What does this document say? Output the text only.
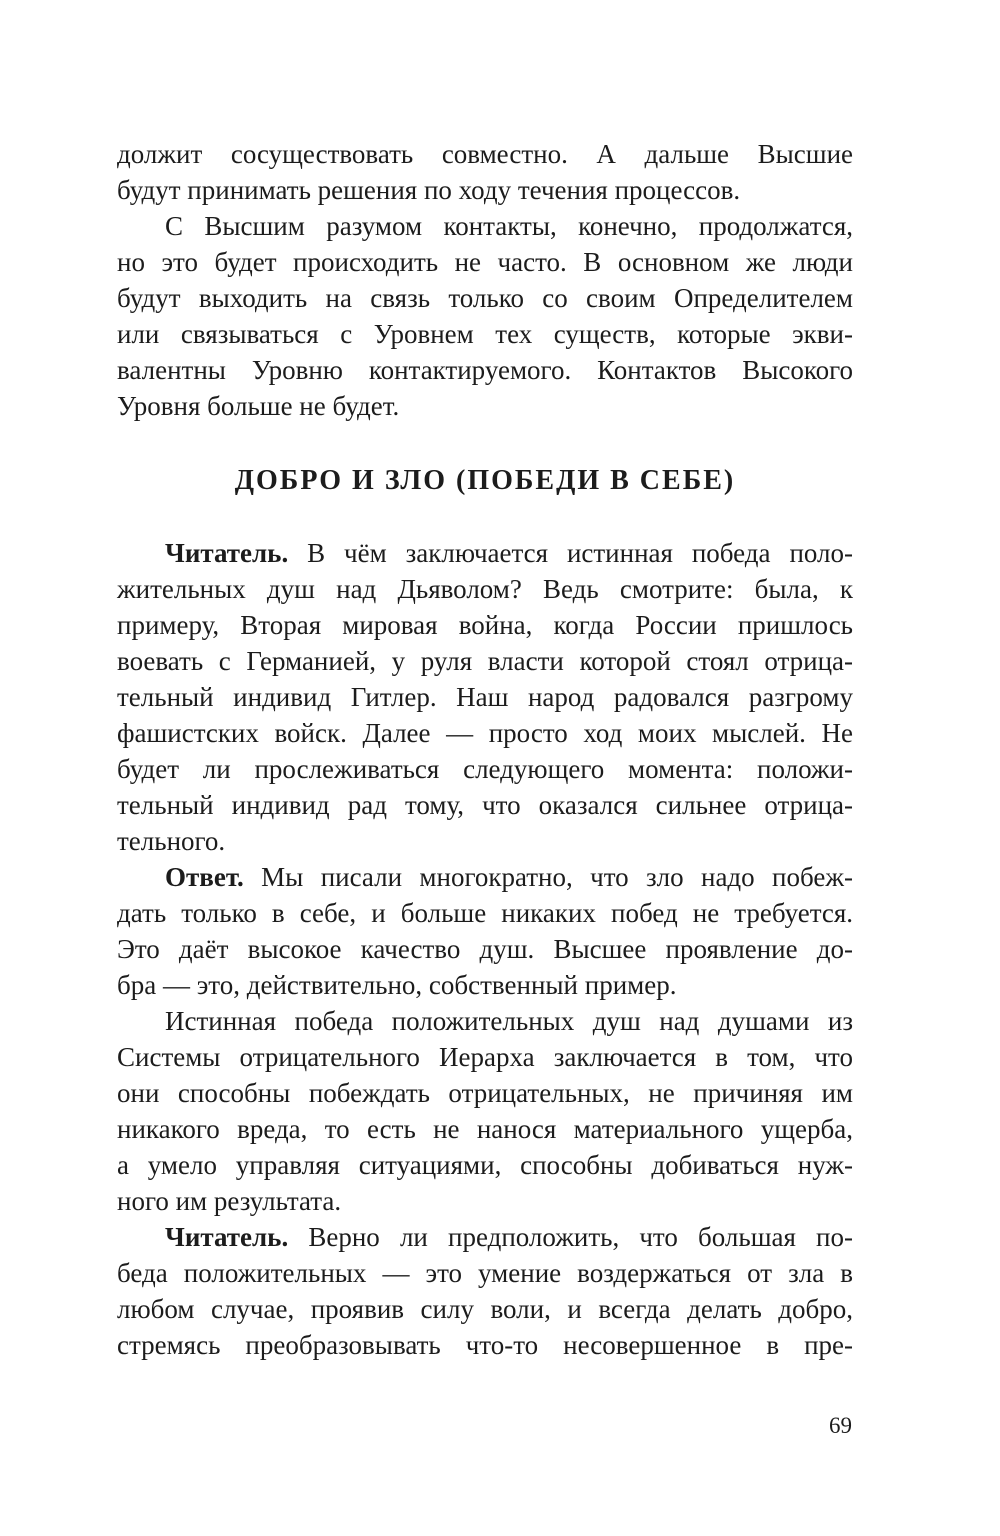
должит сосуществовать совместно. А дальше Высшие
будут принимать решения по ходу течения процессов.
С Высшим разумом контакты, конечно, продолжатся,
но это будет происходить не часто. В основном же люди
будут выходить на связь только со своим Определителем
или связываться с Уровнем тех существ, которые экви-
валентны Уровню контактируемого. Контактов Высокого
Уровня больше не будет.
ДОБРО И ЗЛО (ПОБЕДИ В СЕБЕ)
Читатель. В чём заключается истинная победа поло-
жительных душ над Дьяволом? Ведь смотрите: была, к
примеру, Вторая мировая война, когда России пришлось
воевать с Германией, у руля власти которой стоял отрица-
тельный индивид Гитлер. Наш народ радовался разгрому
фашистских войск. Далее — просто ход моих мыслей. Не
будет ли прослеживаться следующего момента: положи-
тельный индивид рад тому, что оказался сильнее отрица-
тельного.
Ответ. Мы писали многократно, что зло надо побеж-
дать только в себе, и больше никаких побед не требуется.
Это даёт высокое качество душ. Высшее проявление до-
бра — это, действительно, собственный пример.
Истинная победа положительных душ над душами из
Системы отрицательного Иерарха заключается в том, что
они способны побеждать отрицательных, не причиняя им
никакого вреда, то есть не нанося материального ущерба,
а умело управляя ситуациями, способны добиваться нуж-
ного им результата.
Читатель. Верно ли предположить, что большая по-
беда положительных — это умение воздержаться от зла в
любом случае, проявив силу воли, и всегда делать добро,
стремясь преобразовывать что-то несовершенное в пре-
69
